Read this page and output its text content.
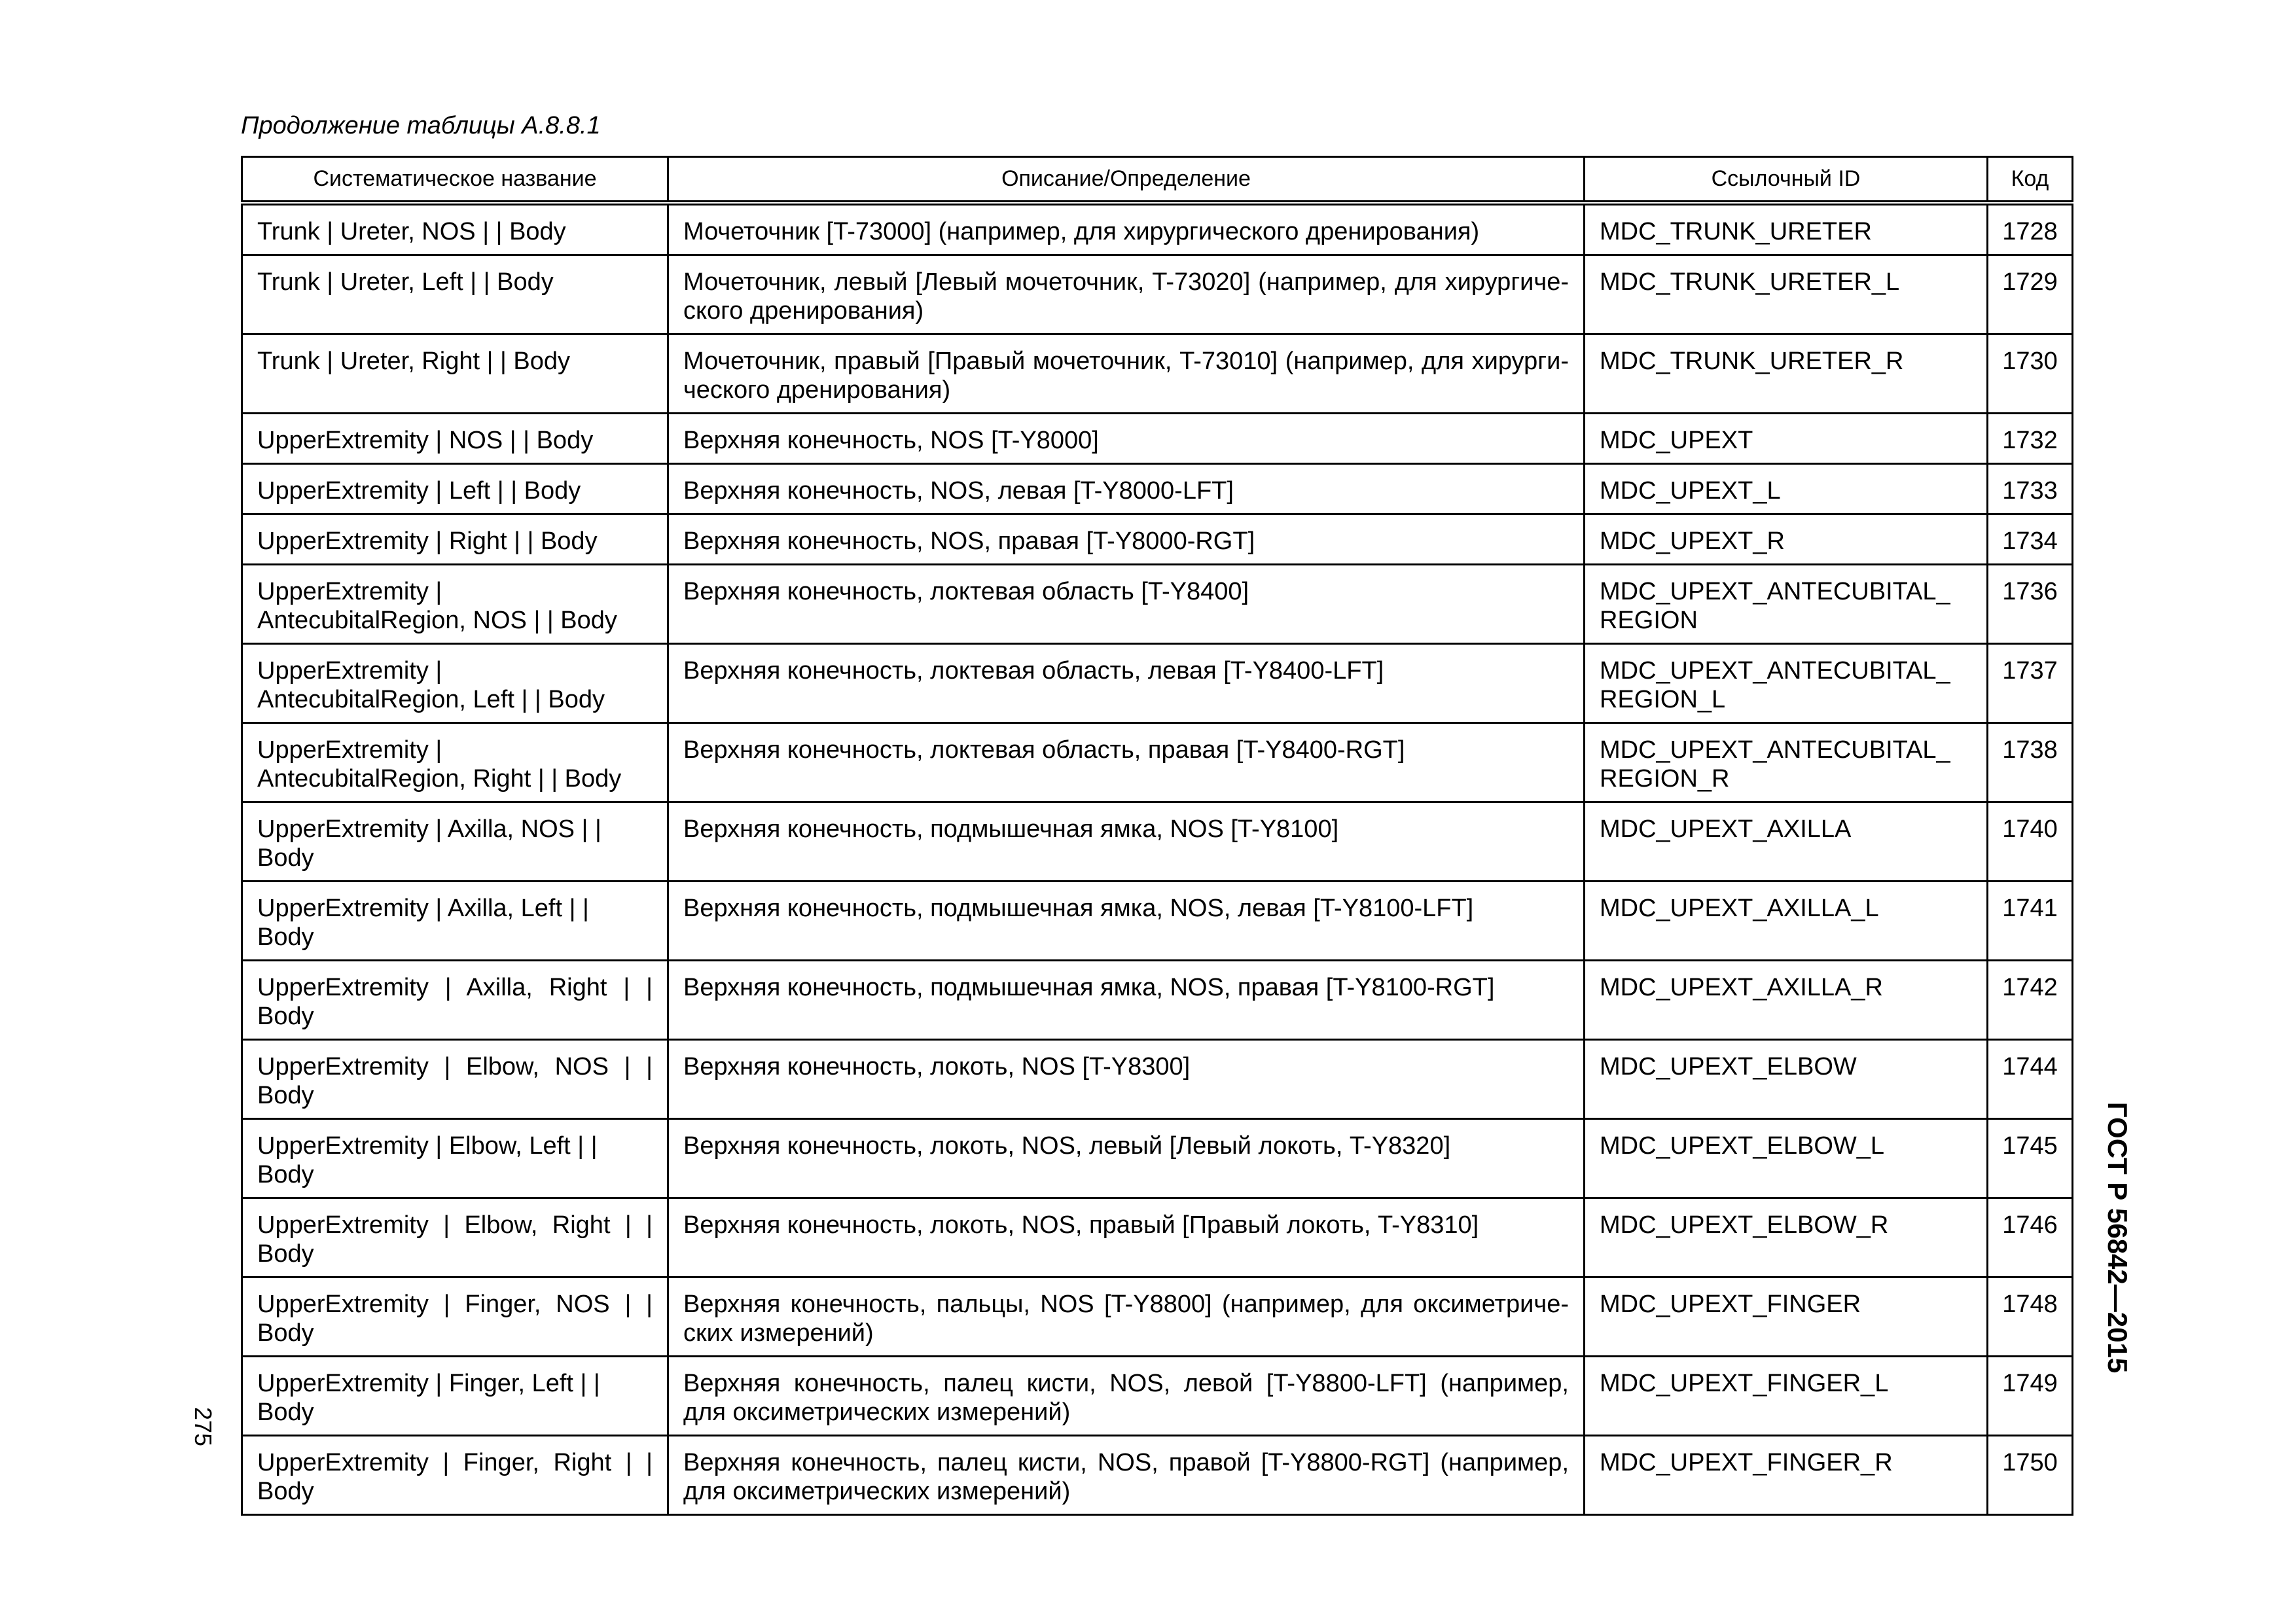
Продолжение таблицы А.8.8.1
Систематическое название	Описание/Определение	Ссылочный ID	Код
Trunk | Ureter, NOS | | Body	Мочеточник [T-73000] (например, для хирургического дренирования)	MDC_TRUNK_URETER	1728
Trunk | Ureter, Left | | Body	Мочеточник, левый [Левый мочеточник, T-73020] (например, для хирургиче-ского дренирования)	MDC_TRUNK_URETER_L	1729
Trunk | Ureter, Right | | Body	Мочеточник, правый [Правый мочеточник, T-73010] (например, для хирурги-ческого дренирования)	MDC_TRUNK_URETER_R	1730
UpperExtremity | NOS | | Body	Верхняя конечность, NOS [T-Y8000]	MDC_UPEXT	1732
UpperExtremity | Left | | Body	Верхняя конечность, NOS, левая [T-Y8000-LFT]	MDC_UPEXT_L	1733
UpperExtremity | Right | | Body	Верхняя конечность, NOS, правая [T-Y8000-RGT]	MDC_UPEXT_R	1734
UpperExtremity | AntecubitalRegion, NOS | | Body	Верхняя конечность, локтевая область [T-Y8400]	MDC_UPEXT_ANTECUBITAL_ REGION	1736
UpperExtremity | AntecubitalRegion, Left | | Body	Верхняя конечность, локтевая область, левая [T-Y8400-LFT]	MDC_UPEXT_ANTECUBITAL_ REGION_L	1737
UpperExtremity | AntecubitalRegion, Right | | Body	Верхняя конечность, локтевая область, правая [T-Y8400-RGT]	MDC_UPEXT_ANTECUBITAL_ REGION_R	1738
UpperExtremity | Axilla, NOS | | Body	Верхняя конечность, подмышечная ямка, NOS [T-Y8100]	MDC_UPEXT_AXILLA	1740
UpperExtremity | Axilla, Left | | Body	Верхняя конечность, подмышечная ямка, NOS, левая [T-Y8100-LFT]	MDC_UPEXT_AXILLA_L	1741
UpperExtremity | Axilla, Right | | Body	Верхняя конечность, подмышечная ямка, NOS, правая [T-Y8100-RGT]	MDC_UPEXT_AXILLA_R	1742
UpperExtremity | Elbow, NOS | | Body	Верхняя конечность, локоть, NOS [T-Y8300]	MDC_UPEXT_ELBOW	1744
UpperExtremity | Elbow, Left | | Body	Верхняя конечность, локоть, NOS, левый [Левый локоть, T-Y8320]	MDC_UPEXT_ELBOW_L	1745
UpperExtremity | Elbow, Right | | Body	Верхняя конечность, локоть, NOS, правый [Правый локоть, T-Y8310]	MDC_UPEXT_ELBOW_R	1746
UpperExtremity | Finger, NOS | | Body	Верхняя конечность, пальцы, NOS [T-Y8800] (например, для оксиметриче-ских измерений)	MDC_UPEXT_FINGER	1748
UpperExtremity | Finger, Left | | Body	Верхняя конечность, палец кисти, NOS, левой [T-Y8800-LFT] (например, для оксиметрических измерений)	MDC_UPEXT_FINGER_L	1749
UpperExtremity | Finger, Right | | Body	Верхняя конечность, палец кисти, NOS, правой [T-Y8800-RGT] (например, для оксиметрических измерений)	MDC_UPEXT_FINGER_R	1750
275
ГОСТ Р 56842—2015
